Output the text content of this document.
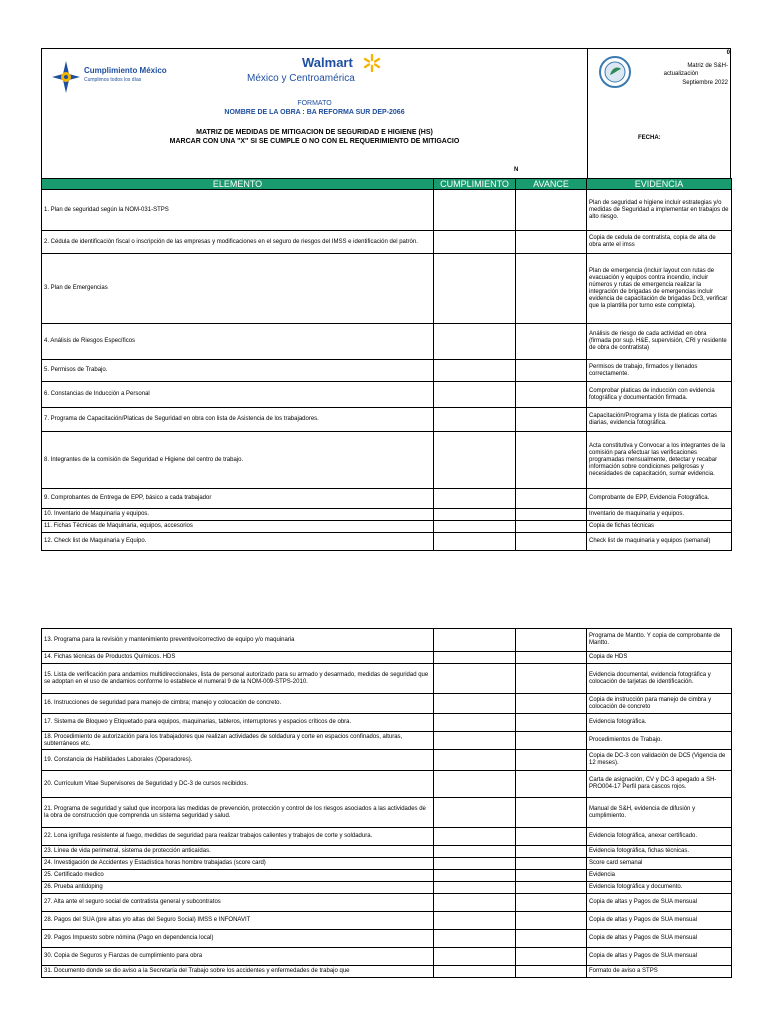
Cumplimiento México
Cumplimos todos los días
Walmart
México y Centroamérica
FORMATO
NOMBRE DE LA OBRA : BA REFORMA SUR DEP-2066
MATRIZ DE MEDIDAS DE MITIGACION DE SEGURIDAD E HIGIENE (HS)
MARCAR CON UNA "X" SI SE CUMPLE O NO CON EL REQUERIMIENTO DE MITIGACIO
N
0
Matriz de S&H-
actualización
Septiembre 2022
FECHA:
ELEMENTO	CUMPLIMIENTO	AVANCE	EVIDENCIA
1. Plan de seguridad según la NOM-031-STPS			Plan de seguridad e higiene incluir estrategias y/o medidas de Seguridad a implementar en trabajos de alto riesgo.
2. Cédula de identificación fiscal o inscripción de las empresas y modificaciones en el seguro de riesgos del IMSS e identificación del patrón.			Copia de cedula de contratista, copia de alta de obra ante el imss
3. Plan de Emergencias			Plan de emergencia (incluir layout con rutas de evacuación y equipos contra incendio, incluir números y rutas de emergencia realizar la integración de brigadas de emergencias incluir evidencia de capacitación de brigadas Dc3, verificar que la plantilla por turno este completa).
4. Análisis de Riesgos Específicos			Análisis de riesgo de cada actividad en obra (firmada por sup. H&E, supervisión, CRI y residente de obra de contratista)
5. Permisos de Trabajo.			Permisos de trabajo, firmados y llenados correctamente.
6. Constancias de Inducción a Personal			Comprobar platicas de inducción con evidencia fotográfica y documentación firmada.
7. Programa de Capacitación/Platicas de Seguridad en obra con lista de Asistencia de los trabajadores.			Capacitación/Programa y lista de platicas cortas diarias, evidencia fotográfica.
8. Integrantes de la comisión de Seguridad e Higiene del centro de trabajo.			Acta constitutiva y Convocar a los integrantes de la comisión para efectuar las verificaciones programadas mensualmente, detectar y recabar información sobre condiciones peligrosas y necesidades de capacitación, sumar evidencia.
9. Comprobantes de Entrega de EPP, básico a cada trabajador			Comprobante de EPP, Evidencia Fotográfica.
10. Inventario de Maquinaria y equipos.			Inventario de maquinaria y equipos.
11. Fichas Técnicas de Maquinaria, equipos, accesorios			Copia de fichas técnicas
12. Check list de Maquinaria y Equipo.			Check list de maquinaria y equipos (semanal)
13. Programa para la revisión y mantenimiento preventivo/correctivo de equipo y/o maquinaria			Programa de Mantto. Y copia de comprobante de Mantto.
14. Fichas técnicas de Productos Químicos. HDS			Copia de HDS
15. Lista de verificación para andamios multidireccionales, lista de personal autorizado para su armado y desarmado, medidas de seguridad que se adoptan en el uso de andamios conforme lo establece el numeral 9 de la NOM-009-STPS-2010.			Evidencia documental, evidencia fotográfica y colocación de tarjetas de identificación.
16. Instrucciones de seguridad para manejo de cimbra; manejo y colocación de concreto.			Copia de instrucción para manejo de cimbra y colocación de concreto
17. Sistema de Bloqueo y Etiquetado para equipos, maquinarias, tableros, interruptores y espacios críticos de obra.			Evidencia fotográfica.
18. Procedimiento de autorización para los trabajadores que realizan actividades de soldadura y corte en espacios confinados, alturas, subterráneos etc.			Procedimientos de Trabajo.
19. Constancia de Habilidades Laborales (Operadores).			Copia de DC-3 con validación de DC5 (Vigencia de 12 meses).
20. Currículum Vitae Supervisores de Seguridad y DC-3 de cursos recibidos.			Carta de asignación, CV y DC-3 apegado a SH-PRO004-17 Perfil para cascos rojos.
21. Programa de seguridad y salud que incorpora las medidas de prevención, protección y control de los riesgos asociados a las actividades de la obra de construcción que comprenda un sistema seguridad y salud.			Manual de S&H, evidencia de difusión y cumplimiento.
22. Lona ignífuga resistente al fuego, medidas de seguridad para realizar trabajos calientes y trabajos de corte y soldadura.			Evidencia fotográfica, anexar certificado.
23. Línea de vida perimetral, sistema de protección anticaídas.			Evidencia fotográfica, fichas técnicas.
24. Investigación de Accidentes y Estadística horas hombre trabajadas (score card)			Score card semanal
25. Certificado medico			Evidencia
26. Prueba antidoping			Evidencia fotográfica y documento.
27. Alta ante el seguro social de contratista general y subcontratos			Copia de altas y Pagos de SUA mensual
28. Pagos del SUA (pre altas y/o altas del Seguro Social) IMSS e INFONAVIT			Copia de altas y Pagos de SUA mensual
29. Pagos Impuesto sobre nómina (Pago en dependencia local)			Copia de altas y Pagos de SUA mensual
30. Copia de Seguros y Fianzas de cumplimiento para obra			Copia de altas y Pagos de SUA mensual
31. Documento donde se dio aviso a la Secretaría del Trabajo sobre los accidentes y enfermedades de trabajo que			Formato de aviso a STPS
